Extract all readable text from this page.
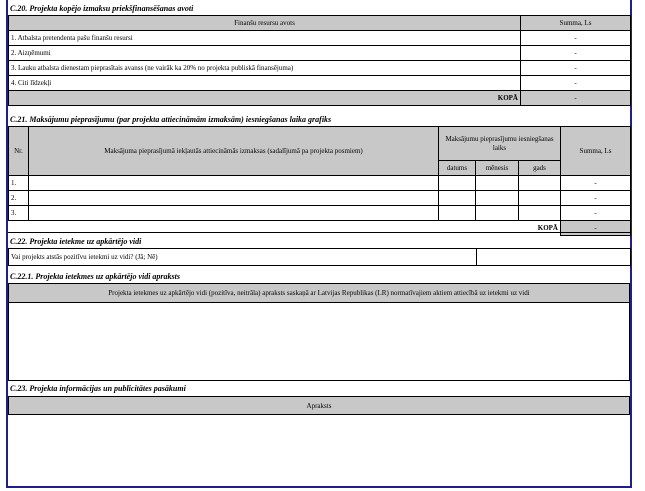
C.20. Projekta kopējo izmaksu priekšfinansēšanas avoti
Finanšu resursu avots	Summa, Ls
1. Atbalsta pretendenta pašu finanšu resursi	-
2. Aizņēmumi	-
3. Lauku atbalsta dienestam pieprasītais avanss (ne vairāk ka 20% no projekta publiskā finansējuma)	-
4. Citi līdzekļi	-
KOPĀ	-
C.21. Maksājumu pieprasījumu (par projekta attiecināmām izmaksām) iesniegšanas laika grafiks
Nr.	Maksājuma pieprasījumā iekļautās attiecināmās izmaksas (sadalījumā pa projekta posmiem)	Maksājumu pieprasījumu iesniegšanas laiks			Summa, Ls
		datums	mēnesis	gads	
1.					-
2.					-
3.					-
KOPĀ					-
C.22. Projekta ietekme uz apkārtējo vidi
Vai projekts atstās pozitīvu ietekmi uz vidi? (Jā; Nē)	
C.22.1. Projekta ietekmes uz apkārtējo vidi apraksts
Projekta ietekmes uz apkārtējo vidi (pozitīva, neitrāla) apraksts saskaņā ar Latvijas Republikas (LR) normatīvajiem aktiem attiecībā uz ietekmi uz vidi

C.23. Projekta informācijas un publicitātes pasākumi
Apraksts
